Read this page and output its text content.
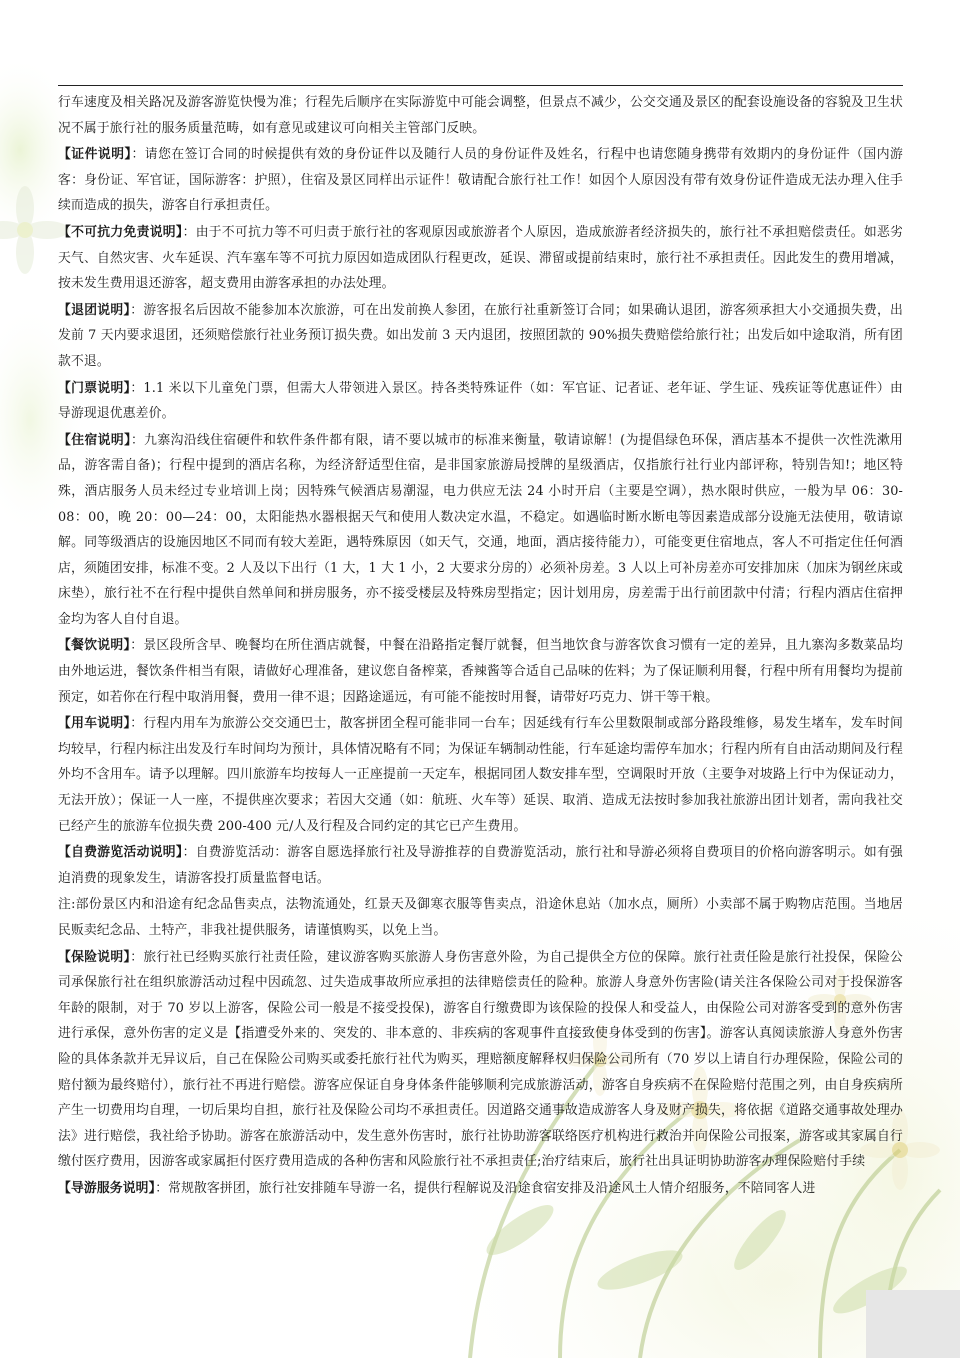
行车速度及相关路况及游客游览快慢为准；行程先后顺序在实际游览中可能会调整，但景点不减少，公交交通及景区的配套设施设备的容貌及卫生状况不属于旅行社的服务质量范畴，如有意见或建议可向相关主管部门反映。

【证件说明】：请您在签订合同的时候提供有效的身份证件以及随行人员的身份证件及姓名，行程中也请您随身携带有效期内的身份证件（国内游客：身份证、军官证，国际游客：护照），住宿及景区同样出示证件！敬请配合旅行社工作！如因个人原因没有带有效身份证件造成无法办理入住手续而造成的损失，游客自行承担责任。

【不可抗力免责说明】：由于不可抗力等不可归责于旅行社的客观原因或旅游者个人原因，造成旅游者经济损失的，旅行社不承担赔偿责任。如恶劣天气、自然灾害、火车延误、汽车塞车等不可抗力原因如造成团队行程更改，延误、滞留或提前结束时，旅行社不承担责任。因此发生的费用增减，按未发生费用退还游客，超支费用由游客承担的办法处理。

【退团说明】：游客报名后因故不能参加本次旅游，可在出发前换人参团，在旅行社重新签订合同；如果确认退团，游客须承担大小交通损失费，出发前 7 天内要求退团，还须赔偿旅行社业务预订损失费。如出发前 3 天内退团，按照团款的 90%损失费赔偿给旅行社；出发后如中途取消，所有团款不退。

【门票说明】：1.1 米以下儿童免门票，但需大人带领进入景区。持各类特殊证件（如：军官证、记者证、老年证、学生证、残疾证等优惠证件）由导游现退优惠差价。

【住宿说明】：九寨沟沿线住宿硬件和软件条件都有限，请不要以城市的标准来衡量，敬请谅解！(为提倡绿色环保，酒店基本不提供一次性洗漱用品，游客需自备)；行程中提到的酒店名称，为经济舒适型住宿，是非国家旅游局授牌的星级酒店，仅指旅行社行业内部评称，特别告知!；地区特殊，酒店服务人员未经过专业培训上岗；因特殊气候酒店易潮湿，电力供应无法 24 小时开启（主要是空调），热水限时供应，一般为早 06：30-08：00，晚 20：00—24：00，太阳能热水器根据天气和使用人数决定水温，不稳定。如遇临时断水断电等因素造成部分设施无法使用，敬请谅解。同等级酒店的设施因地区不同而有较大差距，遇特殊原因（如天气，交通，地面，酒店接待能力），可能变更住宿地点，客人不可指定住任何酒店，须随团安排，标准不变。2 人及以下出行（1 大，1 大 1 小，2 大要求分房的）必须补房差。3 人以上可补房差亦可安排加床（加床为钢丝床或床垫），旅行社不在行程中提供自然单间和拼房服务，亦不接受楼层及特殊房型指定；因计划用房，房差需于出行前团款中付清；行程内酒店住宿押金均为客人自付自退。

【餐饮说明】：景区段所含早、晚餐均在所住酒店就餐，中餐在沿路指定餐厅就餐，但当地饮食与游客饮食习惯有一定的差异，且九寨沟多数菜品均由外地运进，餐饮条件相当有限，请做好心理准备，建议您自备榨菜，香辣酱等合适自己品味的佐料；为了保证顺利用餐，行程中所有用餐均为提前预定，如若你在行程中取消用餐，费用一律不退；因路途遥远，有可能不能按时用餐，请带好巧克力、饼干等干粮。

【用车说明】：行程内用车为旅游公交交通巴士，散客拼团全程可能非同一台车；因延线有行车公里数限制或部分路段维修，易发生堵车，发车时间均较早，行程内标注出发及行车时间均为预计，具体情况略有不同；为保证车辆制动性能，行车延途均需停车加水；行程内所有自由活动期间及行程外均不含用车。请予以理解。四川旅游车均按每人一正座提前一天定车，根据同团人数安排车型，空调限时开放（主要争对坡路上行中为保证动力，无法开放）；保证一人一座，不提供座次要求；若因大交通（如：航班、火车等）延误、取消、造成无法按时参加我社旅游出团计划者，需向我社交已经产生的旅游车位损失费 200-400 元/人及行程及合同约定的其它已产生费用。

【自费游览活动说明】：自费游览活动：游客自愿选择旅行社及导游推荐的自费游览活动，旅行社和导游必须将自费项目的价格向游客明示。如有强迫消费的现象发生，请游客投打质量监督电话。

注:部份景区内和沿途有纪念品售卖点，法物流通处，红景天及御寒衣服等售卖点，沿途休息站（加水点，厕所）小卖部不属于购物店范围。当地居民贩卖纪念品、土特产，非我社提供服务，请谨慎购买，以免上当。

【保险说明】：旅行社已经购买旅行社责任险，建议游客购买旅游人身伤害意外险，为自己提供全方位的保障。旅行社责任险是旅行社投保，保险公司承保旅行社在组织旅游活动过程中因疏忽、过失造成事故所应承担的法律赔偿责任的险种。旅游人身意外伤害险(请关注各保险公司对于投保游客年龄的限制，对于 70 岁以上游客，保险公司一般是不接受投保)，游客自行缴费即为该保险的投保人和受益人，由保险公司对游客受到的意外伤害进行承保，意外伤害的定义是【指遭受外来的、突发的、非本意的、非疾病的客观事件直接致使身体受到的伤害】。游客认真阅读旅游人身意外伤害险的具体条款并无异议后，自己在保险公司购买或委托旅行社代为购买，理赔额度解释权归保险公司所有（70 岁以上请自行办理保险，保险公司的赔付额为最终赔付），旅行社不再进行赔偿。游客应保证自身身体条件能够顺利完成旅游活动，游客自身疾病不在保险赔付范围之列，由自身疾病所产生一切费用均自理，一切后果均自担，旅行社及保险公司均不承担责任。因道路交通事故造成游客人身及财产损失，将依据《道路交通事故处理办法》进行赔偿，我社给予协助。游客在旅游活动中，发生意外伤害时，旅行社协助游客联络医疗机构进行救治并向保险公司报案，游客或其家属自行缴付医疗费用，因游客或家属拒付医疗费用造成的各种伤害和风险旅行社不承担责任;治疗结束后，旅行社出具证明协助游客办理保险赔付手续

【导游服务说明】：常规散客拼团，旅行社安排随车导游一名，提供行程解说及沿途食宿安排及沿途风土人情介绍服务，不陪同客人进
